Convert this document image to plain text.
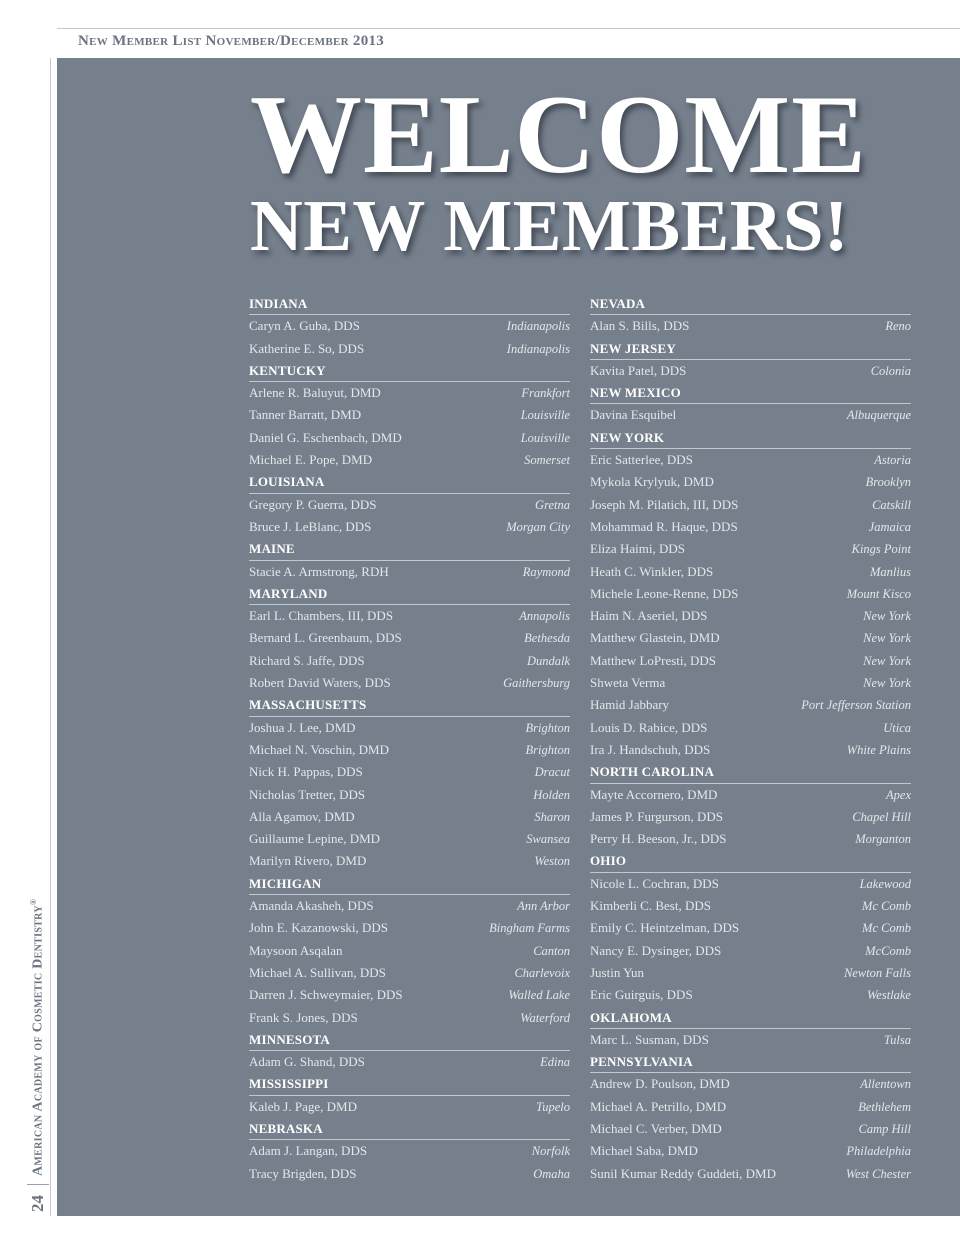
New Member List November/December 2013
24
American Academy of Cosmetic Dentistry®
WELCOME
NEW MEMBERS!
INDIANA
Caryn A. Guba, DDS	Indianapolis
Katherine E. So, DDS	Indianapolis
KENTUCKY
Arlene R. Baluyut, DMD	Frankfort
Tanner Barratt, DMD	Louisville
Daniel G. Eschenbach, DMD	Louisville
Michael E. Pope, DMD	Somerset
LOUISIANA
Gregory P. Guerra, DDS	Gretna
Bruce J. LeBlanc, DDS	Morgan City
MAINE
Stacie A. Armstrong, RDH	Raymond
MARYLAND
Earl L. Chambers, III, DDS	Annapolis
Bernard L. Greenbaum, DDS	Bethesda
Richard S. Jaffe, DDS	Dundalk
Robert David Waters, DDS	Gaithersburg
MASSACHUSETTS
Joshua J. Lee, DMD	Brighton
Michael N. Voschin, DMD	Brighton
Nick H. Pappas, DDS	Dracut
Nicholas Tretter, DDS	Holden
Alla Agamov, DMD	Sharon
Guillaume Lepine, DMD	Swansea
Marilyn Rivero, DMD	Weston
MICHIGAN
Amanda Akasheh, DDS	Ann Arbor
John E. Kazanowski, DDS	Bingham Farms
Maysoon Asqalan	Canton
Michael A. Sullivan, DDS	Charlevoix
Darren J. Schweymaier, DDS	Walled Lake
Frank S. Jones, DDS	Waterford
MINNESOTA
Adam G. Shand, DDS	Edina
MISSISSIPPI
Kaleb J. Page, DMD	Tupelo
NEBRASKA
Adam J. Langan, DDS	Norfolk
Tracy Brigden, DDS	Omaha
NEVADA
Alan S. Bills, DDS	Reno
NEW JERSEY
Kavita Patel, DDS	Colonia
NEW MEXICO
Davina Esquibel	Albuquerque
NEW YORK
Eric Satterlee, DDS	Astoria
Mykola Krylyuk, DMD	Brooklyn
Joseph M. Pilatich, III, DDS	Catskill
Mohammad R. Haque, DDS	Jamaica
Eliza Haimi, DDS	Kings Point
Heath C. Winkler, DDS	Manlius
Michele Leone-Renne, DDS	Mount Kisco
Haim N. Aseriel, DDS	New York
Matthew Glastein, DMD	New York
Matthew LoPresti, DDS	New York
Shweta Verma	New York
Hamid Jabbary	Port Jefferson Station
Louis D. Rabice, DDS	Utica
Ira J. Handschuh, DDS	White Plains
NORTH CAROLINA
Mayte Accornero, DMD	Apex
James P. Furgurson, DDS	Chapel Hill
Perry H. Beeson, Jr., DDS	Morganton
OHIO
Nicole L. Cochran, DDS	Lakewood
Kimberli C. Best, DDS	Mc Comb
Emily C. Heintzelman, DDS	Mc Comb
Nancy E. Dysinger, DDS	McComb
Justin Yun	Newton Falls
Eric Guirguis, DDS	Westlake
OKLAHOMA
Marc L. Susman, DDS	Tulsa
PENNSYLVANIA
Andrew D. Poulson, DMD	Allentown
Michael A. Petrillo, DMD	Bethlehem
Michael C. Verber, DMD	Camp Hill
Michael Saba, DMD	Philadelphia
Sunil Kumar Reddy Guddeti, DMD	West Chester
